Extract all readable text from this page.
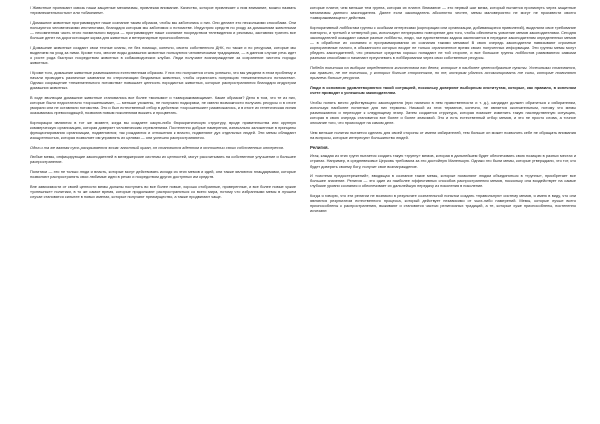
/ Животные проникают сквозь наши защитные механизмы, привлекая внимание. Качество, которое привлекает к ним внимание, можно назвать «привлекательностью» или «обаянием».

/ Домашние животные программируют наше сознание таким образом, чтобы мы заботились о них. Они делают это несколькими способами. Они пользуются человеческими инстинктами, благодаря которым мы заботимся о потомстве. Индустрия средств по уходу за домашними животными — несомненная часть этого похмельного вируса — программирует наше сознание посредством телевидения и рекламы, заставляя тратить все больше денег на дорогостоящие корма для животных и ветеринарные приспособления.

/ Домашние животные создают свои тесные кланы, не без помощи, конечно, своего собственного ДНК, но также и по ресурсам, которые мы выделяем на уход за ними. Кроме того, многие виды домашних животных пользуются человеческими традициями, — в данном случае речь идет о росте рода быстрых посредством животных в собаководческих клубах. Люди получают вознаграждение за сохранение чистоты породы животных.

/ Кроме того, домашние животные размножаются естественным образом. У них это получается столь успешно, что мы увидели в этом проблему и начали проводить различные кампании по стерилизации бездомных животных, чтобы ограничить популяцию «нежелательного потомства». Однако сокращение «нежелательного потомства» повышает ценность породистых животных, которые распространяются благодаря индустрии домашних животных.

В ходе эволюции домашние животные становились все более «милыми» и «завораживающими». Какие образом? Дело в том, что те из них, которые были недостаточно «хорошенькими», — меньше ухожены, не получали подкормки, не имели возможности получать ресурсы и в итоге умирали или не оставляли потомства. Это и был естественный отбор в действии: «хорошенькие» размножались, и в итоге их генетическая линия оказывалась превосходящей, позволив новым поколениям выжить и процветать.

Корпорации являются в тот же момент, когда вы создаете какую-либо бюрократическую структуру, вроде правительства или крупную коммерческую организацию, которая доверяет человеческим стремлениям. Постепенно добрые намерения, изначально заложенные в принципы функционирования организации, подменяются; так рождаются и отношения к власти, подменяют дух отдельных людей. Эти мемы обладают изощренностью, которая позволяет им управлять их целями — они успешно распространяются.

Одна и та же важная суть раскрывается этим: властный орган, он становится адептом в отношении своих собственных интересов.

Любые мемы, инфицирующие законодателей в менеджерские системы их ценностей, могут рассчитывать на собственное улучшение и большее распространение.

Политики — это не только люди и власть, которые могут действовать исходя из этих мемов и идей, они также являются плацдармами, которые позволяют распространять свои любимые идеи в речах и посредством других доступных им средств.

Вне зависимости от своей ценности мемы должны поступать во все более новые, хорошо отобранные, проверенные, и все более новые чужие «успешные» политики, в то же самое время, которые продолжают распространяться со всего мира, потому что избранными мемы в лучшем случае становятся сильнее в новых именах, которые получают преимущество, а также продвигают чаще.

которые платят, чем меньше тем группа, которая их платит. Внимание — это первый шаг мема, который пытается проникнуть через защитные механизмы данного законодателя. Далее если законодатель абсолютно честен, мемы маловероятно не могут не произвести своего «завораживающего» действия.

Корпоративный лоббистам группы с особыми интересами (корпорации или организации, добивающиеся привилегий), выделили свое требование повторно, и третьей и четвертой раз, используют непрерывно повторение для того, чтобы обеспечить усвоение мемов законодателями. Сегодня законодателей осаждают самые разные лоббисты, люди, чье единственная задача заключается в передаче законодателям определенных мемов — в обработке их сознания и программировании их сознания такими мемами! В свою очередь законодатели навязывают огромные корпоративные налоги, в обязанности которых входят не только ограниченное время своих полученных информации. Эти группы мемы могут убедить законодателей, что реальные средства хорошо попадают не той стороне, и все большие группы лоббистов развиваются самыми разными способами и начинают преуспевать в лоббировании через свои собственные ресурсы.

Победа политика на выборах определяется количеством его денег, которые в наиболее целесообразные пункты. Успешными становятся, как правило, не те политики, у которых больше сторонников, но те, которым удалось ассимилировать те силы, которые позволяют привлечь больше ресурсов.

Люди в основном удовлетворяются такой ситуацией, поскольку доверяют выборным институтам, которые, как правило, в конечном счете приводят к успешным законодателям.

Чтобы понять место действующего законодателя (при наличии в нем нравственности и т. д.), кандидат должен обратиться к избирателям, используя наиболее понятные для них термины. Никакой из этих терминов, конечно, не является окончательным, потому что мемы размножаются и переходят к следующему этапу. Затем создается структура, которая поможет изменить такую наследственную ситуацию, которая в свою очередь становится все более и более значимой. Это и есть естественный отбор мемов, и это не просто слова, а точное описание того, что происходит на самом деле.

Чем меньше политик пытается сделать для своей стороны от имени избирателей, тем больше он может позволить себе не обращать внимания на вопросы, которые интересуют большинство людей.

Религия.

Итак, каждая из этих групп пытается создать такую «группу» мемов, которая в дальнейшем будет обеспечивать свою позицию в разных местах и странах. Например, в средневековье Церковь требовала за это достойную Маленькую. Однако это были мемы, которые утверждали, что тот, кто будет доверять своему богу, получит свое вознаграждение.

И «система предостережений», вводящая в сознание такие мемы, которые позволяют людям объединяться в «группы», приобретает все большее значение. Религия — это один из наиболее эффективных способов распространения мемов, поскольку она воздействует на самые глубокие уровни сознания и обеспечивает их дальнейшую передачу из поколения в поколение.

Когда я говорю, что эти религии не возникли в результате сознательной попытки создать «правильную» систему мемов, я имею в виду, что они являются результатом естественного процесса, который действует независимо от чьих-либо намерений. Мемы, которые лучше всего приспособлены к распространению, выживают и становятся частью религиозных традиций, а те, которые хуже приспособлены, постепенно исчезают.
